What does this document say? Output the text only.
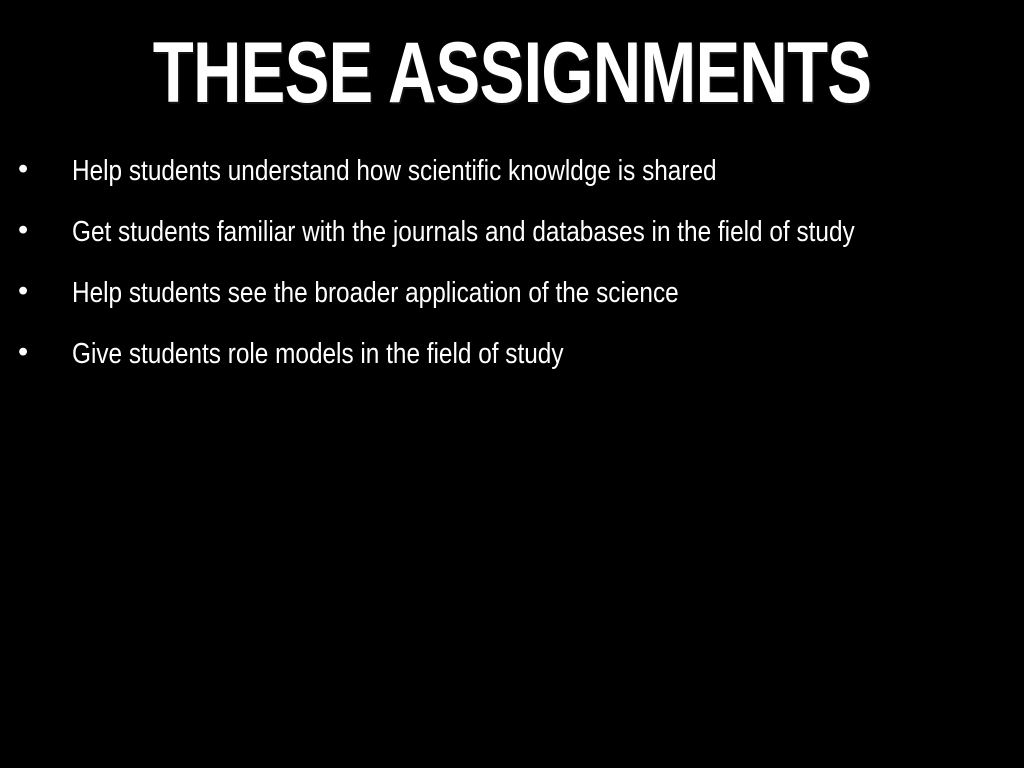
THESE ASSIGNMENTS
• Help students understand how scientific knowldge is shared
• Get students familiar with the journals and databases in the field of study
• Help students see the broader application of the science
• Give students role models in the field of study
